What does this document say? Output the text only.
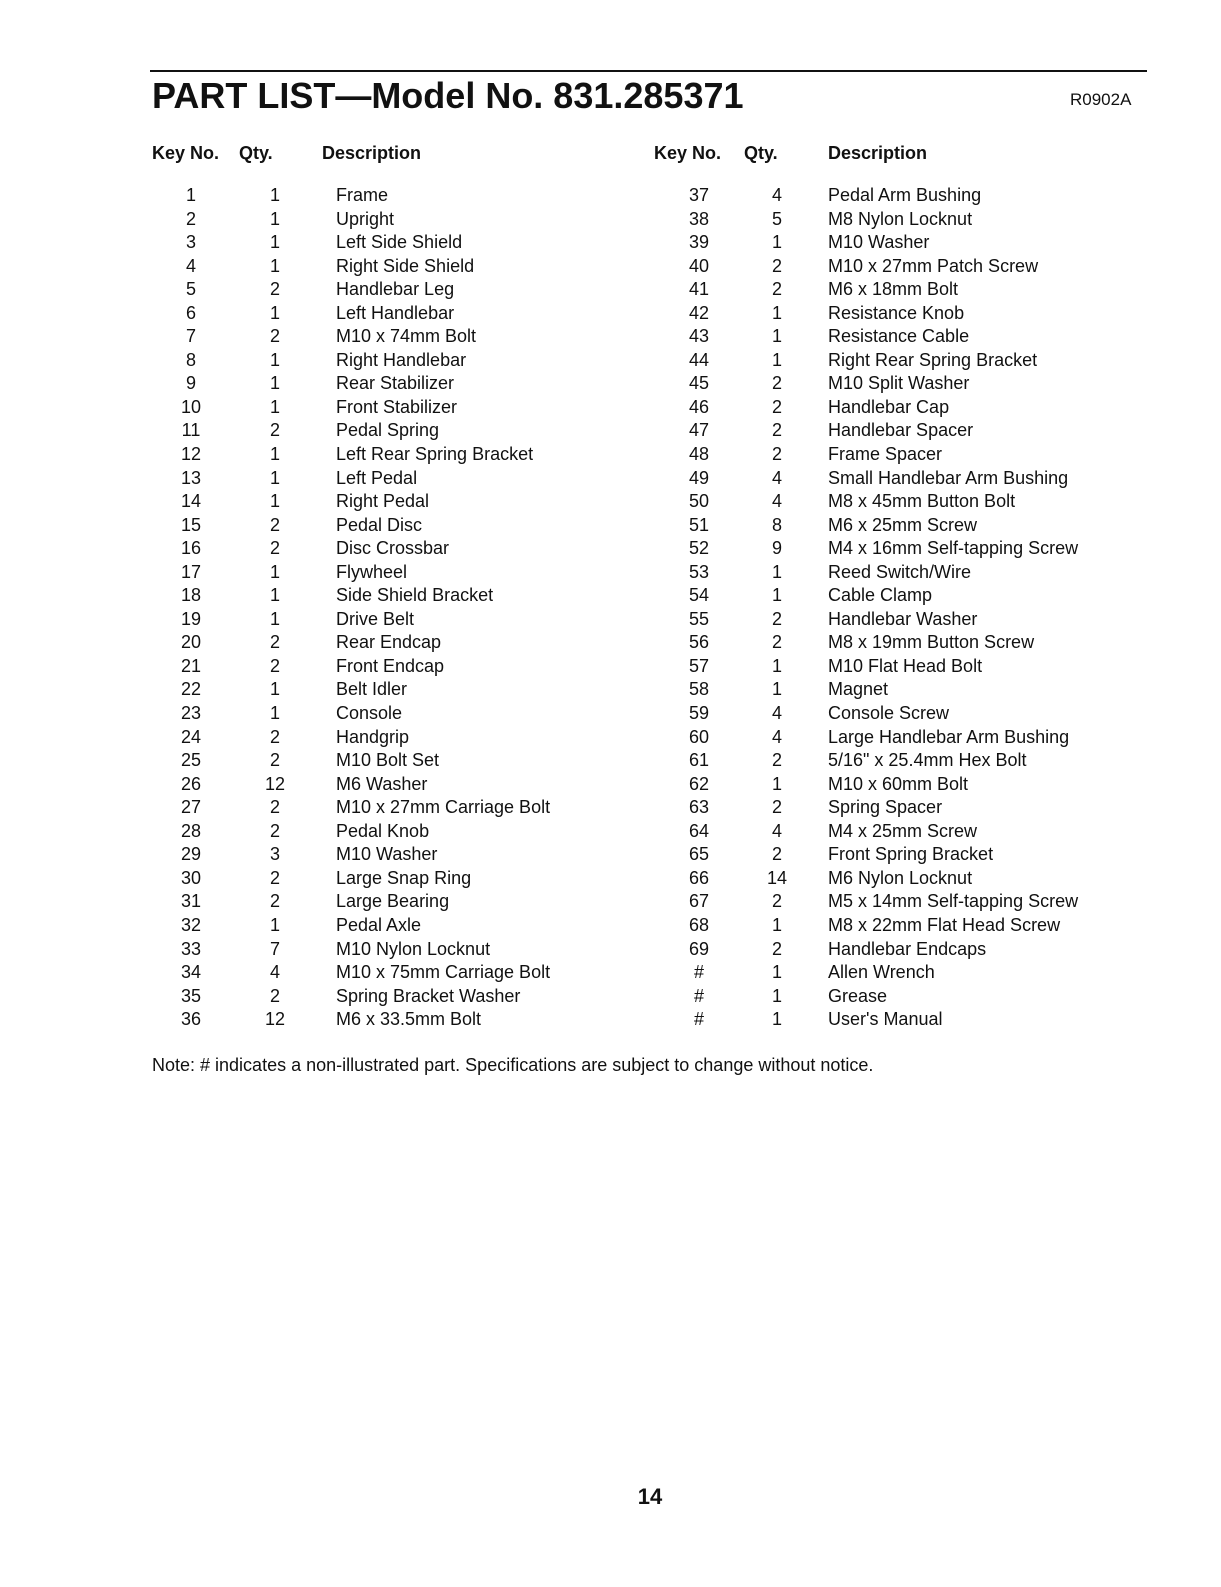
PART LIST—Model No. 831.285371	R0902A
Key No. Qty.	Description	Key No. Qty.	Description
1	1	Frame
2	1	Upright
3	1	Left Side Shield
4	1	Right Side Shield
5	2	Handlebar Leg
6	1	Left Handlebar
7	2	M10 x 74mm Bolt
8	1	Right Handlebar
9	1	Rear Stabilizer
10	1	Front Stabilizer
11	2	Pedal Spring
12	1	Left Rear Spring Bracket
13	1	Left Pedal
14	1	Right Pedal
15	2	Pedal Disc
16	2	Disc Crossbar
17	1	Flywheel
18	1	Side Shield Bracket
19	1	Drive Belt
20	2	Rear Endcap
21	2	Front Endcap
22	1	Belt Idler
23	1	Console
24	2	Handgrip
25	2	M10 Bolt Set
26	12	M6 Washer
27	2	M10 x 27mm Carriage Bolt
28	2	Pedal Knob
29	3	M10 Washer
30	2	Large Snap Ring
31	2	Large Bearing
32	1	Pedal Axle
33	7	M10 Nylon Locknut
34	4	M10 x 75mm Carriage Bolt
35	2	Spring Bracket Washer
36	12	M6 x 33.5mm Bolt
37	4	Pedal Arm Bushing
38	5	M8 Nylon Locknut
39	1	M10 Washer
40	2	M10 x 27mm Patch Screw
41	2	M6 x 18mm Bolt
42	1	Resistance Knob
43	1	Resistance Cable
44	1	Right Rear Spring Bracket
45	2	M10 Split Washer
46	2	Handlebar Cap
47	2	Handlebar Spacer
48	2	Frame Spacer
49	4	Small Handlebar Arm Bushing
50	4	M8 x 45mm Button Bolt
51	8	M6 x 25mm Screw
52	9	M4 x 16mm Self-tapping Screw
53	1	Reed Switch/Wire
54	1	Cable Clamp
55	2	Handlebar Washer
56	2	M8 x 19mm Button Screw
57	1	M10 Flat Head Bolt
58	1	Magnet
59	4	Console Screw
60	4	Large Handlebar Arm Bushing
61	2	5/16" x 25.4mm Hex Bolt
62	1	M10 x 60mm Bolt
63	2	Spring Spacer
64	4	M4 x 25mm Screw
65	2	Front Spring Bracket
66	14	M6 Nylon Locknut
67	2	M5 x 14mm Self-tapping Screw
68	1	M8 x 22mm Flat Head Screw
69	2	Handlebar Endcaps
#	1	Allen Wrench
#	1	Grease
#	1	User's Manual
Note: # indicates a non-illustrated part. Specifications are subject to change without notice.
14
